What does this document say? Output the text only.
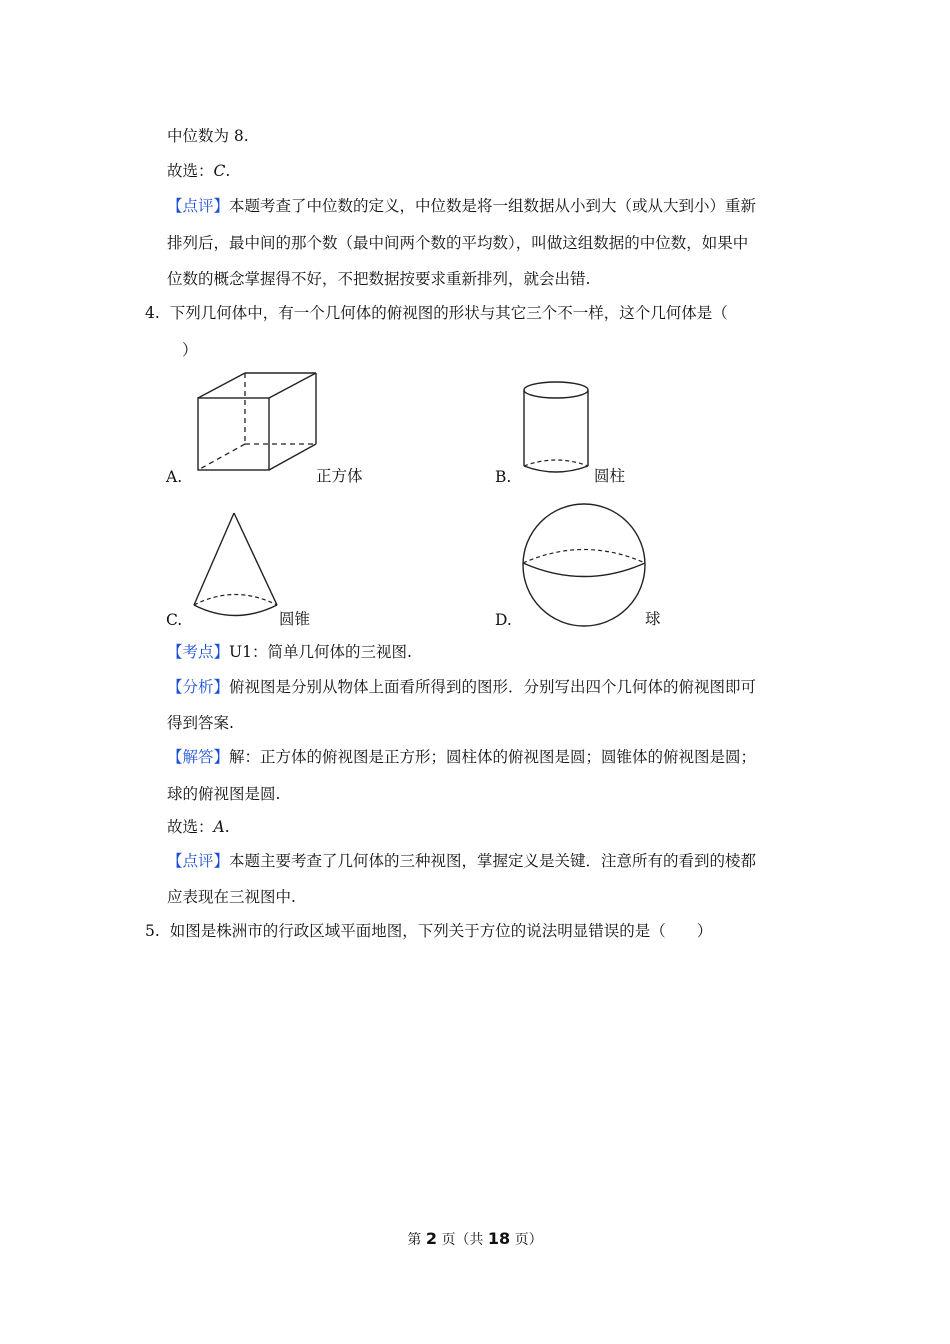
中位数为 8.
故选：C.
【点评】本题考查了中位数的定义，中位数是将一组数据从小到大（或从大到小）重新
排列后，最中间的那个数（最中间两个数的平均数），叫做这组数据的中位数，如果中
位数的概念掌握得不好，不把数据按要求重新排列，就会出错.
4. 下列几何体中，有一个几何体的俯视图的形状与其它三个不一样，这个几何体是（
）
A.	正方体	B.	圆柱
C.	圆锥	D.	球
【考点】U1：简单几何体的三视图.
【分析】俯视图是分别从物体上面看所得到的图形．分别写出四个几何体的俯视图即可
得到答案.
【解答】解：正方体的俯视图是正方形；圆柱体的俯视图是圆；圆锥体的俯视图是圆；
球的俯视图是圆.
故选：A.
【点评】本题主要考查了几何体的三种视图，掌握定义是关键．注意所有的看到的棱都
应表现在三视图中.
5. 如图是株洲市的行政区域平面地图，下列关于方位的说法明显错误的是（　　）
第 2 页（共 18 页）
